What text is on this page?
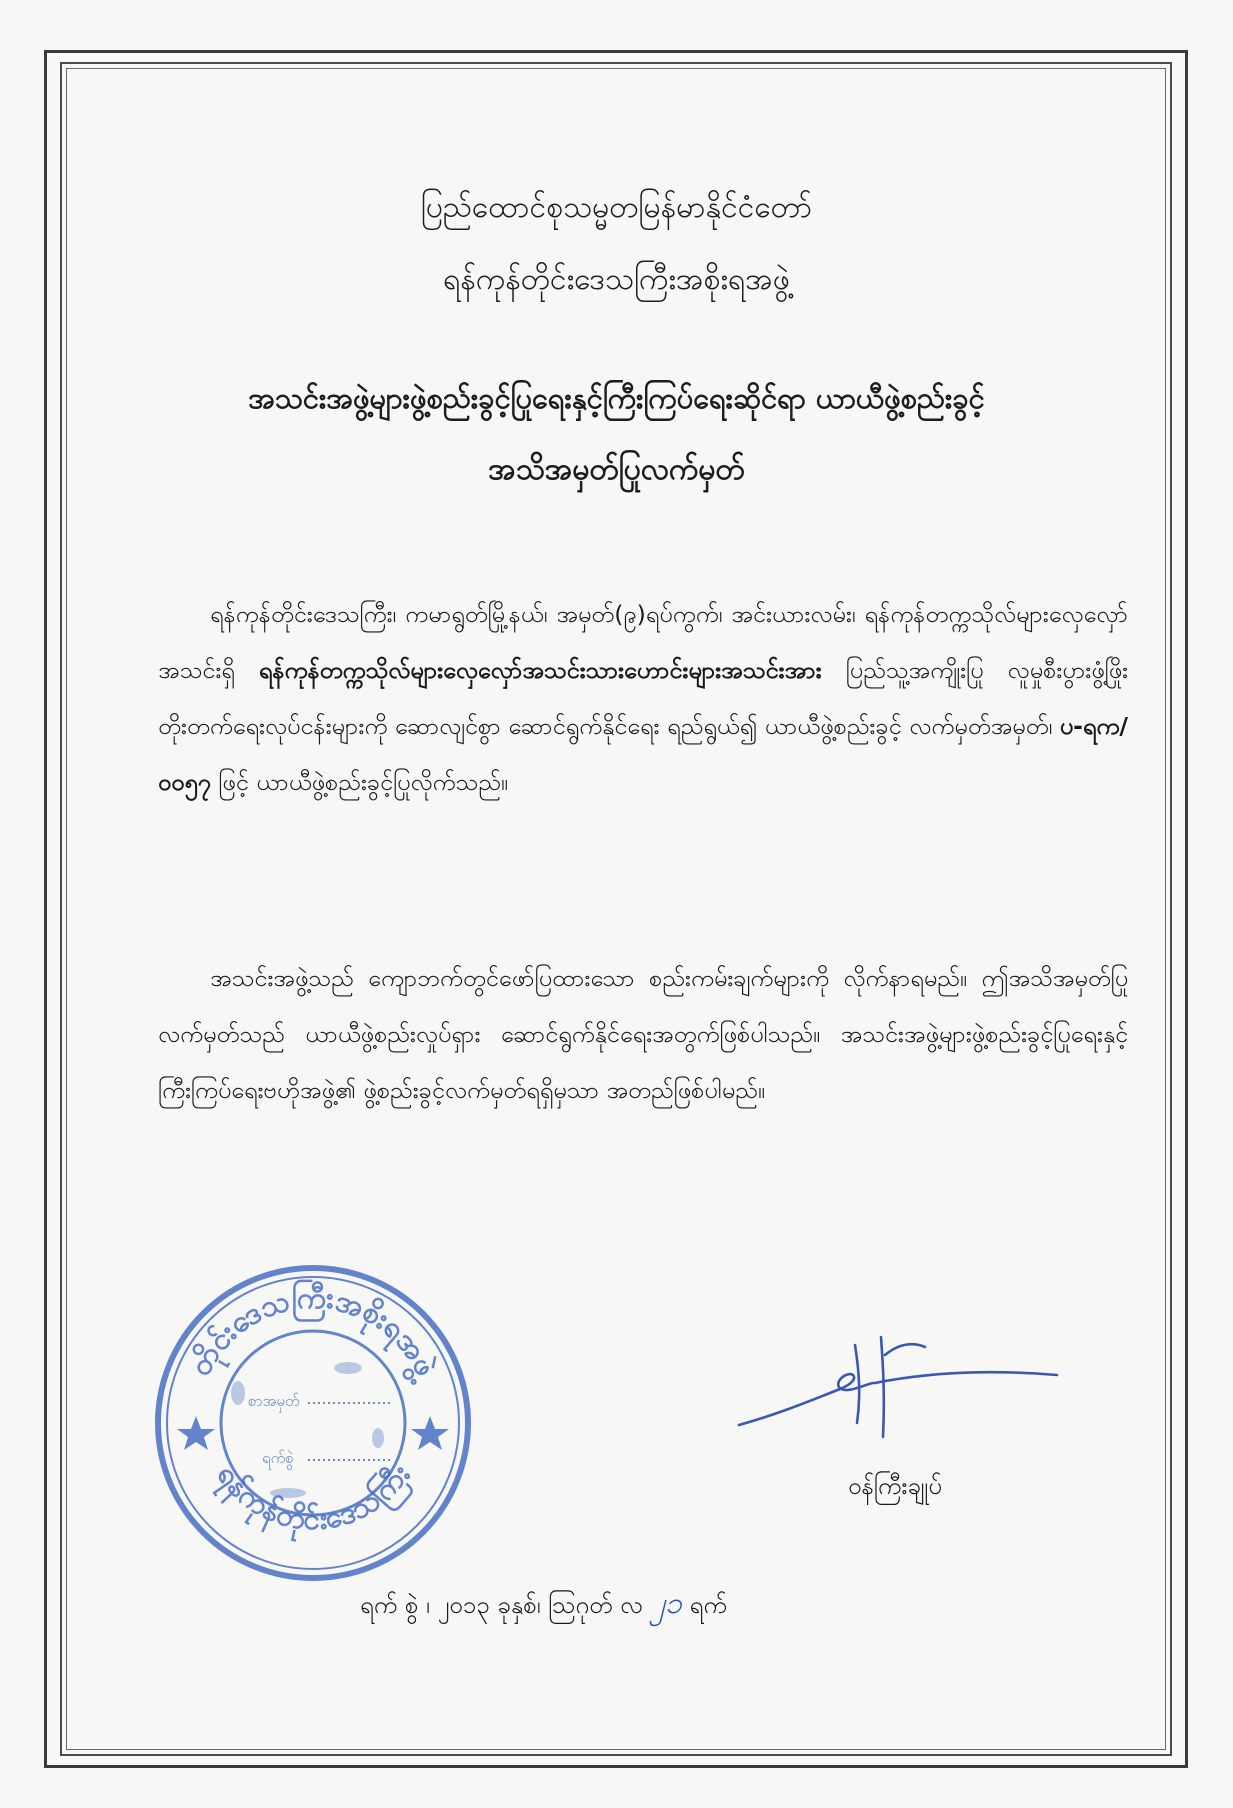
ပြည်ထောင်စုသမ္မတမြန်မာနိုင်ငံတော်
ရန်ကုန်တိုင်းဒေသကြီးအစိုးရအဖွဲ့
အသင်းအဖွဲ့များဖွဲ့စည်းခွင့်ပြုရေးနှင့်ကြီးကြပ်ရေးဆိုင်ရာ ယာယီဖွဲ့စည်းခွင့်
အသိအမှတ်ပြုလက်မှတ်
ရန်ကုန်တိုင်းဒေသကြီး၊ ကမာရွတ်မြို့နယ်၊ အမှတ်(၉)ရပ်ကွက်၊ အင်းယားလမ်း၊ ရန်ကုန်တက္ကသိုလ်များလှေလှော်အသင်းရှိ ရန်ကုန်တက္ကသိုလ်များလှေလှော်အသင်းသားဟောင်းများအသင်းအား ပြည်သူ့အကျိုးပြု လူမှုစီးပွားဖွံ့ဖြိုး တိုးတက်ရေးလုပ်ငန်းများကို ဆောလျင်စွာ ဆောင်ရွက်နိုင်ရေး ရည်ရွယ်၍ ယာယီဖွဲ့စည်းခွင့် လက်မှတ်အမှတ်၊ ပ-ရက/၀၀၅၇ ဖြင့် ယာယီဖွဲ့စည်းခွင့်ပြုလိုက်သည်။
အသင်းအဖွဲ့သည် ကျောဘက်တွင်ဖော်ပြထားသော စည်းကမ်းချက်များကို လိုက်နာရမည်။ ဤအသိအမှတ်ပြုလက်မှတ်သည် ယာယီဖွဲ့စည်းလှုပ်ရှား ဆောင်ရွက်နိုင်ရေးအတွက်ဖြစ်ပါသည်။ အသင်းအဖွဲ့များဖွဲ့စည်းခွင့်ပြုရေးနှင့်ကြီးကြပ်ရေးဗဟိုအဖွဲ့၏ ဖွဲ့စည်းခွင့်လက်မှတ်ရရှိမှသာ အတည်ဖြစ်ပါမည်။
တိုင်းဒေသကြီးအစိုးရအဖွဲ့
ရန်ကုန်တိုင်းဒေသကြီး
စာအမှတ်
ရက်စွဲ
ဝန်ကြီးချုပ်
ရက် စွဲ ၊ ၂၀၁၃ ခုနှစ်၊ ဩဂုတ် လ ၂၁ ရက်
